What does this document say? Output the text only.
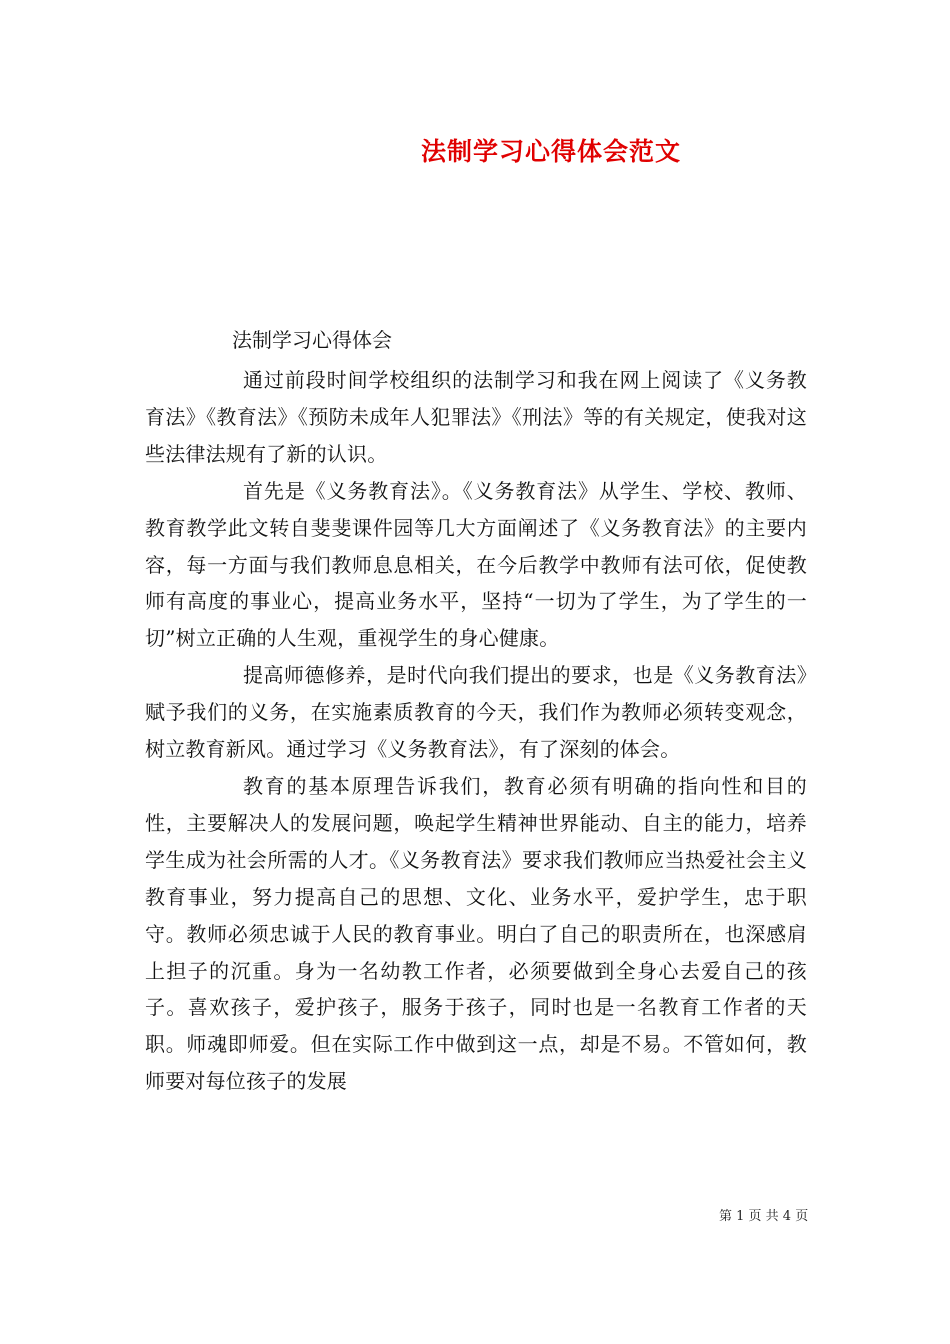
法制学习心得体会范文
法制学习心得体会

通过前段时间学校组织的法制学习和我在网上阅读了《义务教育法》《教育法》《预防未成年人犯罪法》《刑法》等的有关规定，使我对这些法律法规有了新的认识。

首先是《义务教育法》。《义务教育法》从学生、学校、教师、教育教学此文转自斐斐课件园等几大方面阐述了《义务教育法》的主要内容，每一方面与我们教师息息相关，在今后教学中教师有法可依，促使教师有高度的事业心，提高业务水平，坚持“一切为了学生，为了学生的一切”树立正确的人生观，重视学生的身心健康。

提高师德修养，是时代向我们提出的要求，也是《义务教育法》赋予我们的义务，在实施素质教育的今天，我们作为教师必须转变观念，树立教育新风。通过学习《义务教育法》，有了深刻的体会。

教育的基本原理告诉我们，教育必须有明确的指向性和目的性，主要解决人的发展问题，唤起学生精神世界能动、自主的能力，培养学生成为社会所需的人才。《义务教育法》要求我们教师应当热爱社会主义教育事业，努力提高自己的思想、文化、业务水平，爱护学生，忠于职守。教师必须忠诚于人民的教育事业。明白了自己的职责所在，也深感肩上担子的沉重。身为一名幼教工作者，必须要做到全身心去爱自己的孩子。喜欢孩子，爱护孩子，服务于孩子，同时也是一名教育工作者的天职。师魂即师爱。但在实际工作中做到这一点，却是不易。不管如何，教师要对每位孩子的发展

第 1 页 共 4 页
